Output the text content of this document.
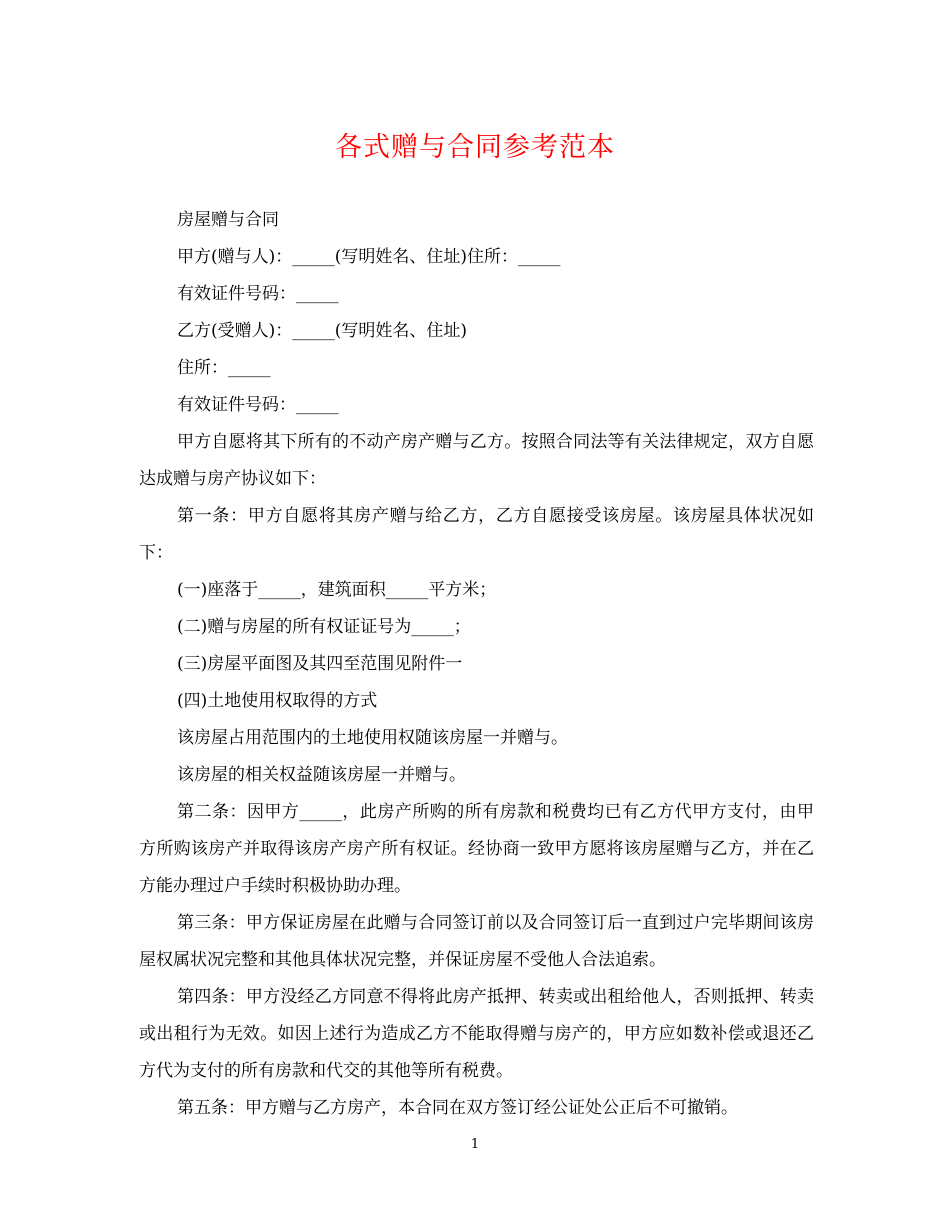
各式赠与合同参考范本

房屋赠与合同

甲方(赠与人)：_____(写明姓名、住址)住所：_____

有效证件号码：_____

乙方(受赠人)：_____(写明姓名、住址)

住所：_____

有效证件号码：_____

甲方自愿将其下所有的不动产房产赠与乙方。按照合同法等有关法律规定，双方自愿达成赠与房产协议如下：

第一条：甲方自愿将其房产赠与给乙方，乙方自愿接受该房屋。该房屋具体状况如下：

(一)座落于_____，建筑面积_____平方米；

(二)赠与房屋的所有权证证号为_____；

(三)房屋平面图及其四至范围见附件一

(四)土地使用权取得的方式

该房屋占用范围内的土地使用权随该房屋一并赠与。

该房屋的相关权益随该房屋一并赠与。

第二条：因甲方_____，此房产所购的所有房款和税费均已有乙方代甲方支付，由甲方所购该房产并取得该房产房产所有权证。经协商一致甲方愿将该房屋赠与乙方，并在乙方能办理过户手续时积极协助办理。

第三条：甲方保证房屋在此赠与合同签订前以及合同签订后一直到过户完毕期间该房屋权属状况完整和其他具体状况完整，并保证房屋不受他人合法追索。

第四条：甲方没经乙方同意不得将此房产抵押、转卖或出租给他人，否则抵押、转卖或出租行为无效。如因上述行为造成乙方不能取得赠与房产的，甲方应如数补偿或退还乙方代为支付的所有房款和代交的其他等所有税费。

第五条：甲方赠与乙方房产，本合同在双方签订经公证处公正后不可撤销。

1
